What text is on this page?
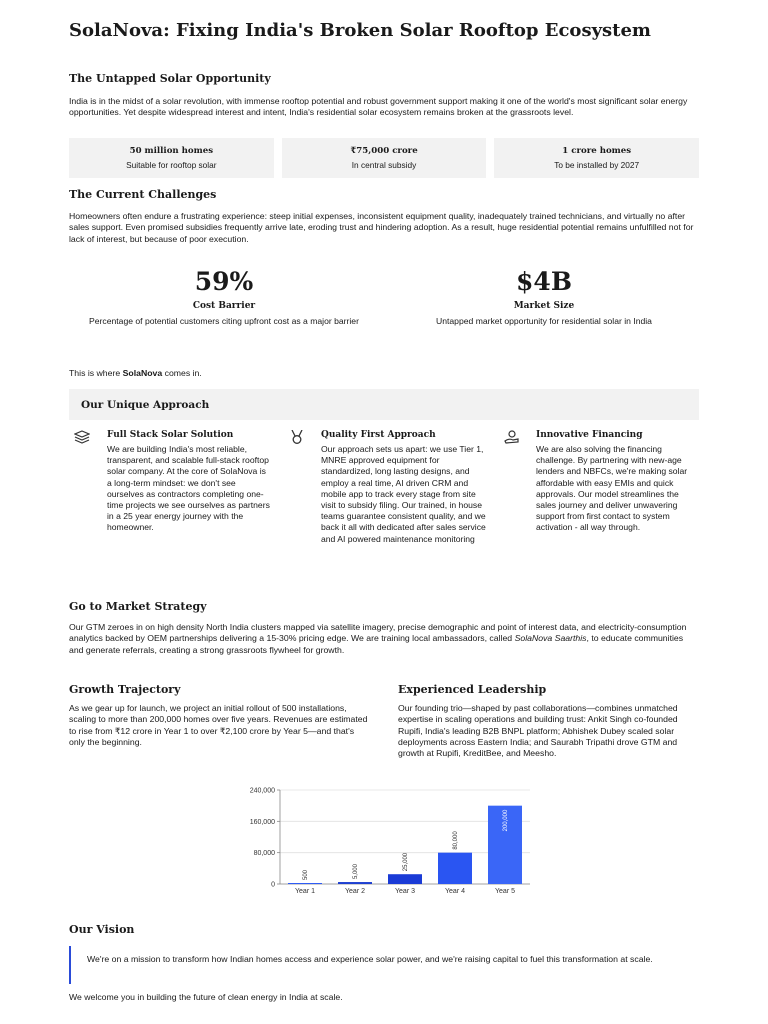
SolaNova: Fixing India's Broken Solar Rooftop Ecosystem
The Untapped Solar Opportunity

India is in the midst of a solar revolution, with immense rooftop potential and robust government support making it one of the world's most significant solar energy opportunities. Yet despite widespread interest and intent, India's residential solar ecosystem remains broken at the grassroots level.

50 million homes
Suitable for rooftop solar
₹75,000 crore
In central subsidy
1 crore homes
To be installed by 2027
The Current Challenges

Homeowners often endure a frustrating experience: steep initial expenses, inconsistent equipment quality, inadequately trained technicians, and virtually no after sales support. Even promised subsidies frequently arrive late, eroding trust and hindering adoption. As a result, huge residential potential remains unfulfilled not for lack of interest, but because of poor execution.

59%
Cost Barrier
Percentage of potential customers citing upfront cost as a major barrier
$4B
Market Size
Untapped market opportunity for residential solar in India

This is where SolaNova comes in.

Our Unique Approach
Full Stack Solar Solution
We are building India's most reliable, transparent, and scalable full-stack rooftop solar company. At the core of SolaNova is a long-term mindset: we don't see ourselves as contractors completing one-time projects we see ourselves as partners in a 25 year energy journey with the homeowner.
Quality First Approach
Our approach sets us apart: we use Tier 1, MNRE approved equipment for standardized, long lasting designs, and employ a real time, AI driven CRM and mobile app to track every stage from site visit to subsidy filing. Our trained, in house teams guarantee consistent quality, and we back it all with dedicated after sales service and AI powered maintenance monitoring
Innovative Financing
We are also solving the financing challenge. By partnering with new-age lenders and NBFCs, we're making solar affordable with easy EMIs and quick approvals. Our model streamlines the sales journey and deliver unwavering support from first contact to system activation - all way through.
Go to Market Strategy

Our GTM zeroes in on high density North India clusters mapped via satellite imagery, precise demographic and point of interest data, and electricity-consumption analytics backed by OEM partnerships delivering a 15-30% pricing edge. We are training local ambassadors, called SolaNova Saarthis, to educate communities and generate referrals, creating a strong grassroots flywheel for growth.

Growth Trajectory

As we gear up for launch, we project an initial rollout of 500 installations, scaling to more than 200,000 homes over five years. Revenues are estimated to rise from ₹12 crore in Year 1 to over ₹2,100 crore by Year 5—and that's only the beginning.

Experienced Leadership

Our founding trio—shaped by past collaborations—combines unmatched expertise in scaling operations and building trust: Ankit Singh co-founded Rupifi, India's leading B2B BNPL platform; Abhishek Dubey scaled solar deployments across Eastern India; and Saurabh Tripathi drove GTM and growth at Rupifi, KreditBee, and Meesho.

0
80,000
160,000
240,000
500
Year 1
5,000
Year 2
25,000
Year 3
80,000
Year 4
200,000
Year 5
Our Vision

We're on a mission to transform how Indian homes access and experience solar power, and we're raising capital to fuel this transformation at scale.

We welcome you in building the future of clean energy in India at scale.
